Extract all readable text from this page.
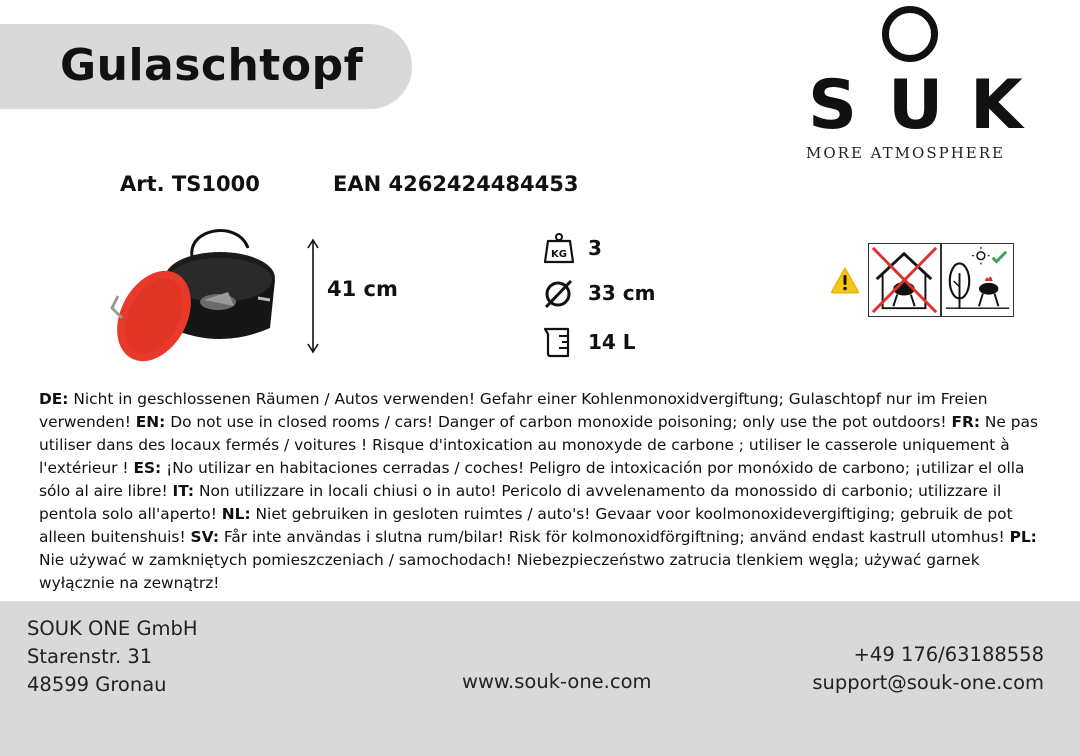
Gulaschtopf
S U
K
MORE ATMOSPHERE
Art. TS1000	EAN 4262424484453
41 cm
KG 3
33 cm
14 L
DE: Nicht in geschlossenen Räumen / Autos verwenden! Gefahr einer Kohlenmonoxidvergiftung; Gulaschtopf nur im Freien verwenden! EN: Do not use in closed rooms / cars! Danger of carbon monoxide poisoning; only use the pot outdoors! FR: Ne pas utiliser dans des locaux fermés / voitures ! Risque d'intoxication au monoxyde de carbone ; utiliser le casserole uniquement à l'extérieur ! ES: ¡No utilizar en habitaciones cerradas / coches! Peligro de intoxicación por monóxido de carbono; ¡utilizar el olla sólo al aire libre! IT: Non utilizzare in locali chiusi o in auto! Pericolo di avvelenamento da monossido di carbonio; utilizzare il pentola solo all'aperto! NL: Niet gebruiken in gesloten ruimtes / auto's! Gevaar voor koolmonoxidevergiftiging; gebruik de pot alleen buitenshuis! SV: Får inte användas i slutna rum/bilar! Risk för kolmonoxidförgiftning; använd endast kastrull utomhus! PL: Nie używać w zamkniętych pomieszczeniach / samochodach! Niebezpieczeństwo zatrucia tlenkiem węgla; używać garnek wyłącznie na zewnątrz!
SOUK ONE GmbH
Starenstr. 31
48599 Gronau	www.souk-one.com
+49 176/63188558
support@souk-one.com
